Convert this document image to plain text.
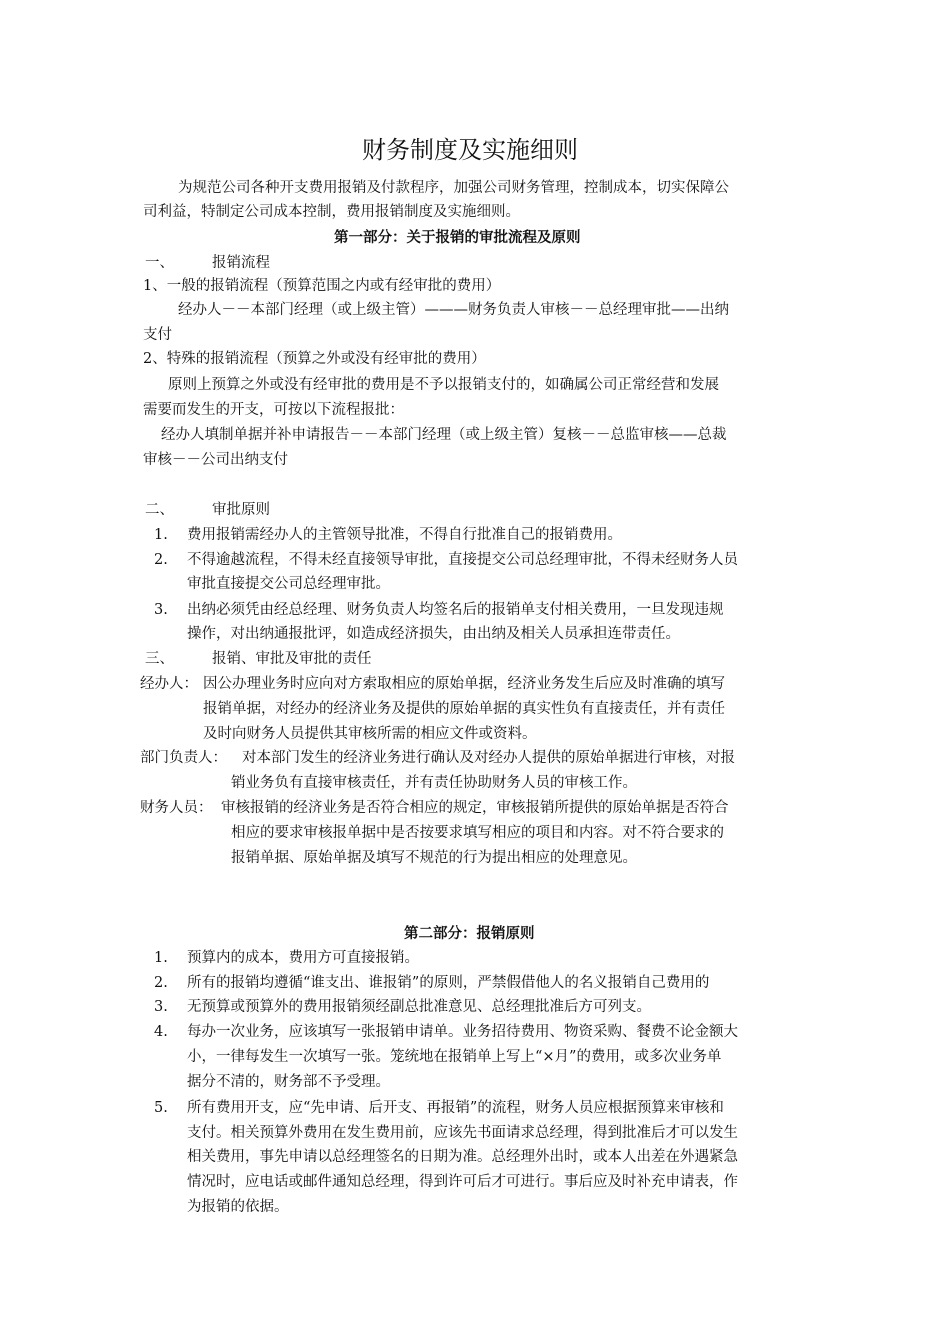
财务制度及实施细则
为规范公司各种开支费用报销及付款程序，加强公司财务管理，控制成本，切实保障公
司利益，特制定公司成本控制，费用报销制度及实施细则。
第一部分：关于报销的审批流程及原则
一、	报销流程
1、一般的报销流程（预算范围之内或有经审批的费用）
经办人－－本部门经理（或上级主管）———财务负责人审核－－总经理审批——出纳
支付
2、特殊的报销流程（预算之外或没有经审批的费用）
原则上预算之外或没有经审批的费用是不予以报销支付的，如确属公司正常经营和发展
需要而发生的开支，可按以下流程报批：
经办人填制单据并补申请报告－－本部门经理（或上级主管）复核－－总监审核——总裁
审核－－公司出纳支付
二、	审批原则
1. 费用报销需经办人的主管领导批准，不得自行批准自己的报销费用。
2. 不得逾越流程，不得未经直接领导审批，直接提交公司总经理审批，不得未经财务人员
审批直接提交公司总经理审批。
3. 出纳必须凭由经总经理、财务负责人均签名后的报销单支付相关费用，一旦发现违规
操作，对出纳通报批评，如造成经济损失，由出纳及相关人员承担连带责任。
三、	报销、审批及审批的责任
经办人： 因公办理业务时应向对方索取相应的原始单据，经济业务发生后应及时准确的填写
报销单据，对经办的经济业务及提供的原始单据的真实性负有直接责任，并有责任
及时向财务人员提供其审核所需的相应文件或资料。
部门负责人： 对本部门发生的经济业务进行确认及对经办人提供的原始单据进行审核，对报
销业务负有直接审核责任，并有责任协助财务人员的审核工作。
财务人员： 审核报销的经济业务是否符合相应的规定，审核报销所提供的原始单据是否符合
相应的要求审核报单据中是否按要求填写相应的项目和内容。对不符合要求的
报销单据、原始单据及填写不规范的行为提出相应的处理意见。
第二部分：报销原则
1. 预算内的成本，费用方可直接报销。
2. 所有的报销均遵循“谁支出、谁报销”的原则，严禁假借他人的名义报销自己费用的
3. 无预算或预算外的费用报销须经副总批准意见、总经理批准后方可列支。
4. 每办一次业务，应该填写一张报销申请单。业务招待费用、物资采购、餐费不论金额大
小，一律每发生一次填写一张。笼统地在报销单上写上“×月”的费用，或多次业务单
据分不清的，财务部不予受理。
5. 所有费用开支，应“先申请、后开支、再报销”的流程，财务人员应根据预算来审核和
支付。相关预算外费用在发生费用前，应该先书面请求总经理，得到批准后才可以发生
相关费用，事先申请以总经理签名的日期为准。总经理外出时，或本人出差在外遇紧急
情况时，应电话或邮件通知总经理，得到许可后才可进行。事后应及时补充申请表，作
为报销的依据。
